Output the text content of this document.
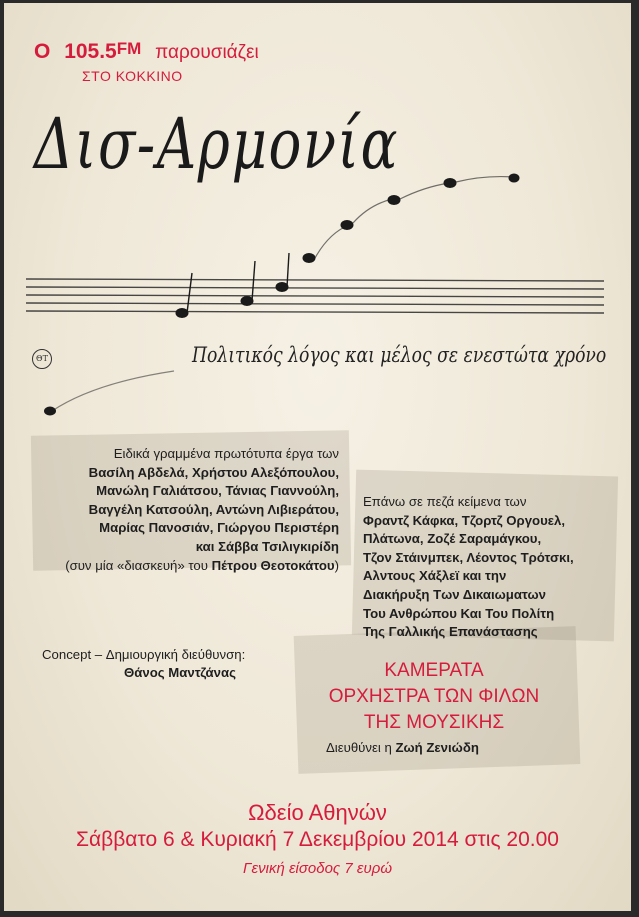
Ο 105.5FM παρουσιάζει
ΣΤΟ ΚΟΚΚΙΝΟ
Δισ-Αρμονία
ΘΤ	Πολιτικός λόγος και μέλος σε ενεστώτα χρόνο
Ειδικά γραμμένα πρωτότυπα έργα των
Βασίλη Αβδελά, Χρήστου Αλεξόπουλου,
Μανώλη Γαλιάτσου, Τάνιας Γιαννούλη,
Βαγγέλη Κατσούλη, Αντώνη Λιβιεράτου,
Μαρίας Πανοσιάν, Γιώργου Περιστέρη
και Σάββα Τσιλιγκιρίδη
(συν μία «διασκευή» του Πέτρου Θεοτοκάτου)
Επάνω σε πεζά κείμενα των
Φραντζ Κάφκα, Τζορτζ Οργουελ,
Πλάτωνα, Ζοζέ Σαραμάγκου,
Τζον Στάινμπεκ, Λέοντος Τρότσκι,
Αλντους Χάξλεϊ και την
Διακήρυξη Των Δικαιωματων
Του Ανθρώπου Και Του Πολίτη
Της Γαλλικής Επανάστασης
Concept – Δημιουργική διεύθυνση:
Θάνος Μαντζάνας	ΚΑΜΕΡΑΤΑ
ΟΡΧΗΣΤΡΑ ΤΩΝ ΦΙΛΩΝ
ΤΗΣ ΜΟΥΣΙΚΗΣ
Διευθύνει η Ζωή Ζενιώδη
Ωδείο Αθηνών
Σάββατο 6 & Κυριακή 7 Δεκεμβρίου 2014 στις 20.00
Γενική είσοδος 7 ευρώ
